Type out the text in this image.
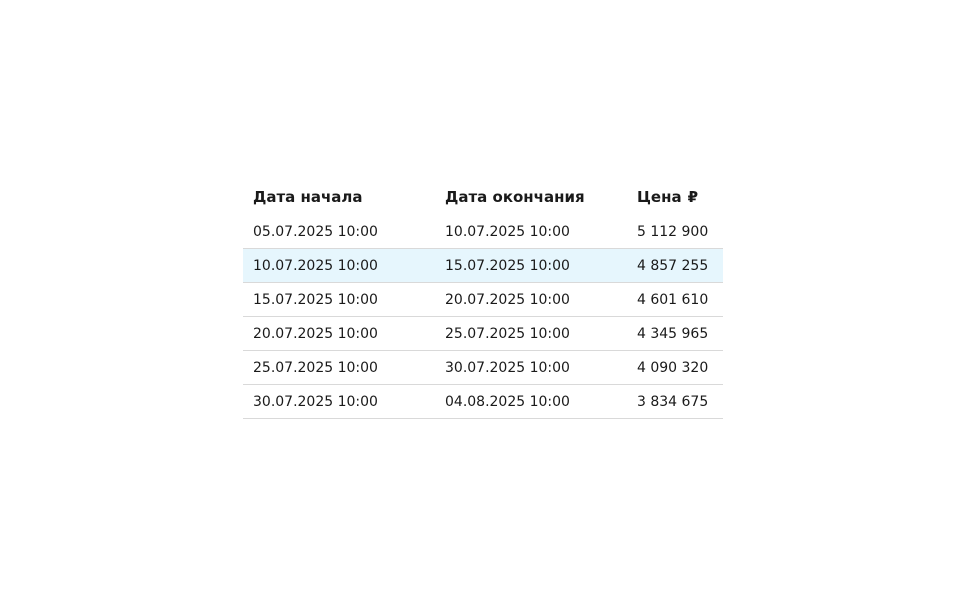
Дата начала	Дата окончания	Цена ₽
05.07.2025 10:00	10.07.2025 10:00	5 112 900
10.07.2025 10:00	15.07.2025 10:00	4 857 255
15.07.2025 10:00	20.07.2025 10:00	4 601 610
20.07.2025 10:00	25.07.2025 10:00	4 345 965
25.07.2025 10:00	30.07.2025 10:00	4 090 320
30.07.2025 10:00	04.08.2025 10:00	3 834 675
